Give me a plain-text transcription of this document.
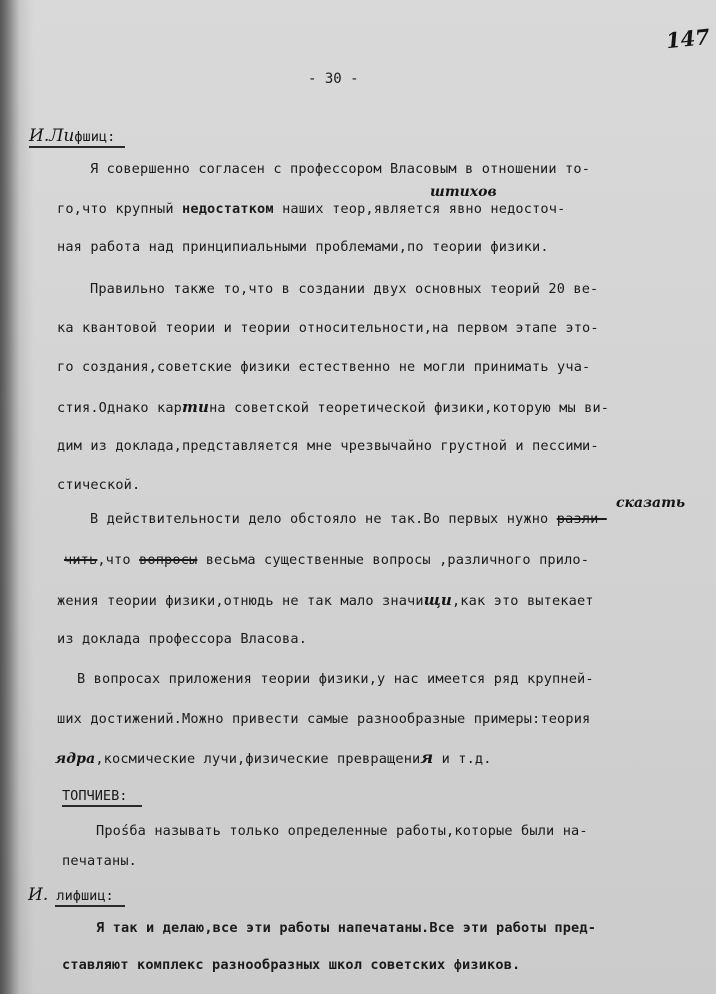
147
- 30 -
И.Лифшиц:
Я совершенно согласен с профессором Власовым в отношении то-
штихов
го,что крупный недостатком нашиx теор,является явно недосточ-
ная работа над принципиальными проблемами,по теории физики.
Правильно также то,что в создании двух основных теорий 20 ве-
ка квантовой теории и теории относительности,на первом этапе это-
го создания,советские физики естественно не могли принимать уча-
стия.Однако картина советской теоретической физики,которую мы ви-
дим из доклада,представляется мне чрезвычайно грустной и пессими-
стической.
сказать
В действительности дело обстояло не так.Во первых нужно разли-
чить,что вопросы весьма существенные вопросы ,различного прило-
жения теории физики,отнюдь не так мало значищи,как это вытекает
из доклада профессора Власова.
В вопросах приложения теории физики,у нас имеется ряд крупней-
ших достижений.Можно привести самые разнообразные примеры:теория
ядра,космические лучи,физические превращения и т.д.
ТОПЧИЕВ:
Прośба называть только определенные работы,которые были на-
печатаны.
И. лифшиц:
Я так и делаю,все эти работы напечатаны.Все эти работы пред-
ставляют комплекс разнообразных школ советских физиков.
